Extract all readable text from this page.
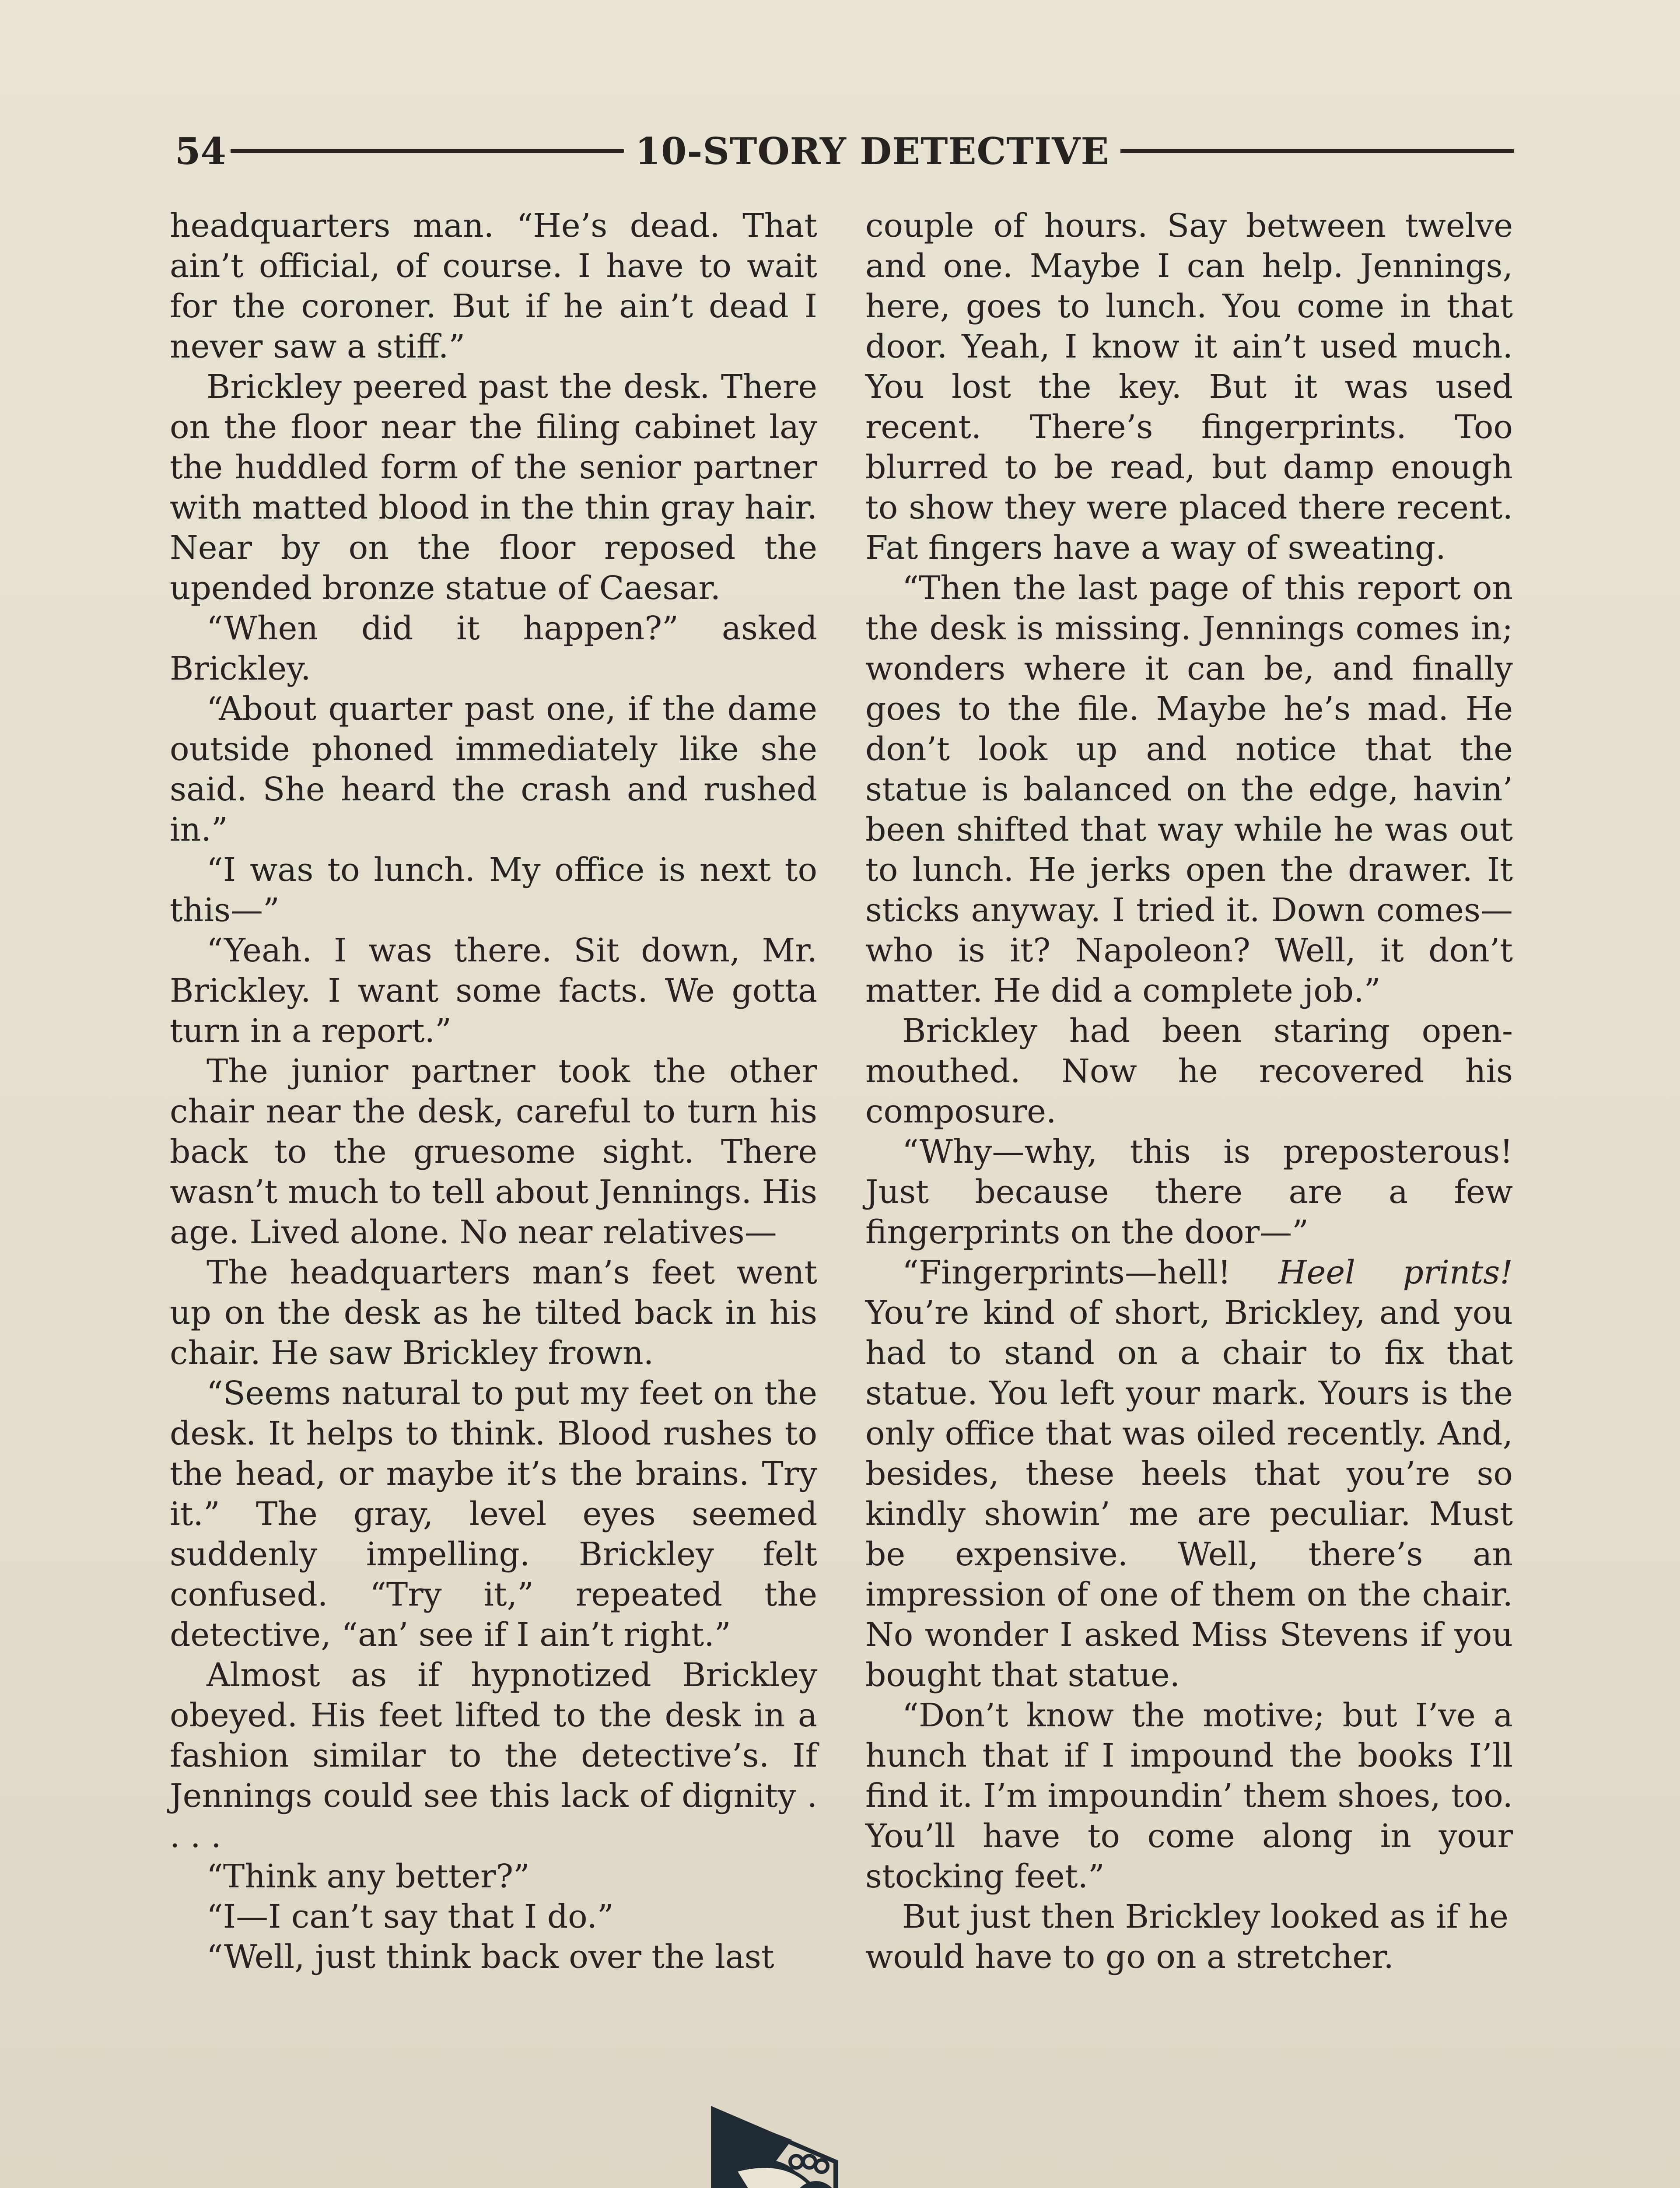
54	10-STORY DETECTIVE

headquarters man. “He’s dead. That ain’t official, of course. I have to wait for the coroner. But if he ain’t dead I never saw a stiff.”

Brickley peered past the desk. There on the floor near the filing cabinet lay the huddled form of the senior partner with matted blood in the thin gray hair. Near by on the floor reposed the upended bronze statue of Caesar.

“When did it happen?” asked Brickley.

“About quarter past one, if the dame outside phoned immediately like she said. She heard the crash and rushed in.”

“I was to lunch. My office is next to this—”

“Yeah. I was there. Sit down, Mr. Brickley. I want some facts. We gotta turn in a report.”

The junior partner took the other chair near the desk, careful to turn his back to the gruesome sight. There wasn’t much to tell about Jennings. His age. Lived alone. No near relatives—

The headquarters man’s feet went up on the desk as he tilted back in his chair. He saw Brickley frown.

“Seems natural to put my feet on the desk. It helps to think. Blood rushes to the head, or maybe it’s the brains. Try it.” The gray, level eyes seemed suddenly impelling. Brickley felt confused. “Try it,” repeated the detective, “an’ see if I ain’t right.”

Almost as if hypnotized Brickley obeyed. His feet lifted to the desk in a fashion similar to the detective’s. If Jennings could see this lack of dignity . . . .

“Think any better?”

“I—I can’t say that I do.”

“Well, just think back over the last

couple of hours. Say between twelve and one. Maybe I can help. Jennings, here, goes to lunch. You come in that door. Yeah, I know it ain’t used much. You lost the key. But it was used recent. There’s fingerprints. Too blurred to be read, but damp enough to show they were placed there recent. Fat fingers have a way of sweating.

“Then the last page of this report on the desk is missing. Jennings comes in; wonders where it can be, and finally goes to the file. Maybe he’s mad. He don’t look up and notice that the statue is balanced on the edge, havin’ been shifted that way while he was out to lunch. He jerks open the drawer. It sticks anyway. I tried it. Down comes—who is it? Napoleon? Well, it don’t matter. He did a complete job.”

Brickley had been staring open-mouthed. Now he recovered his composure.

“Why—why, this is preposterous! Just because there are a few fingerprints on the door—”

“Fingerprints—hell! Heel prints! You’re kind of short, Brickley, and you had to stand on a chair to fix that statue. You left your mark. Yours is the only office that was oiled recently. And, besides, these heels that you’re so kindly showin’ me are peculiar. Must be expensive. Well, there’s an impression of one of them on the chair. No wonder I asked Miss Stevens if you bought that statue.

“Don’t know the motive; but I’ve a hunch that if I impound the books I’ll find it. I’m impoundin’ them shoes, too. You’ll have to come along in your stocking feet.”

But just then Brickley looked as if he would have to go on a stretcher.
